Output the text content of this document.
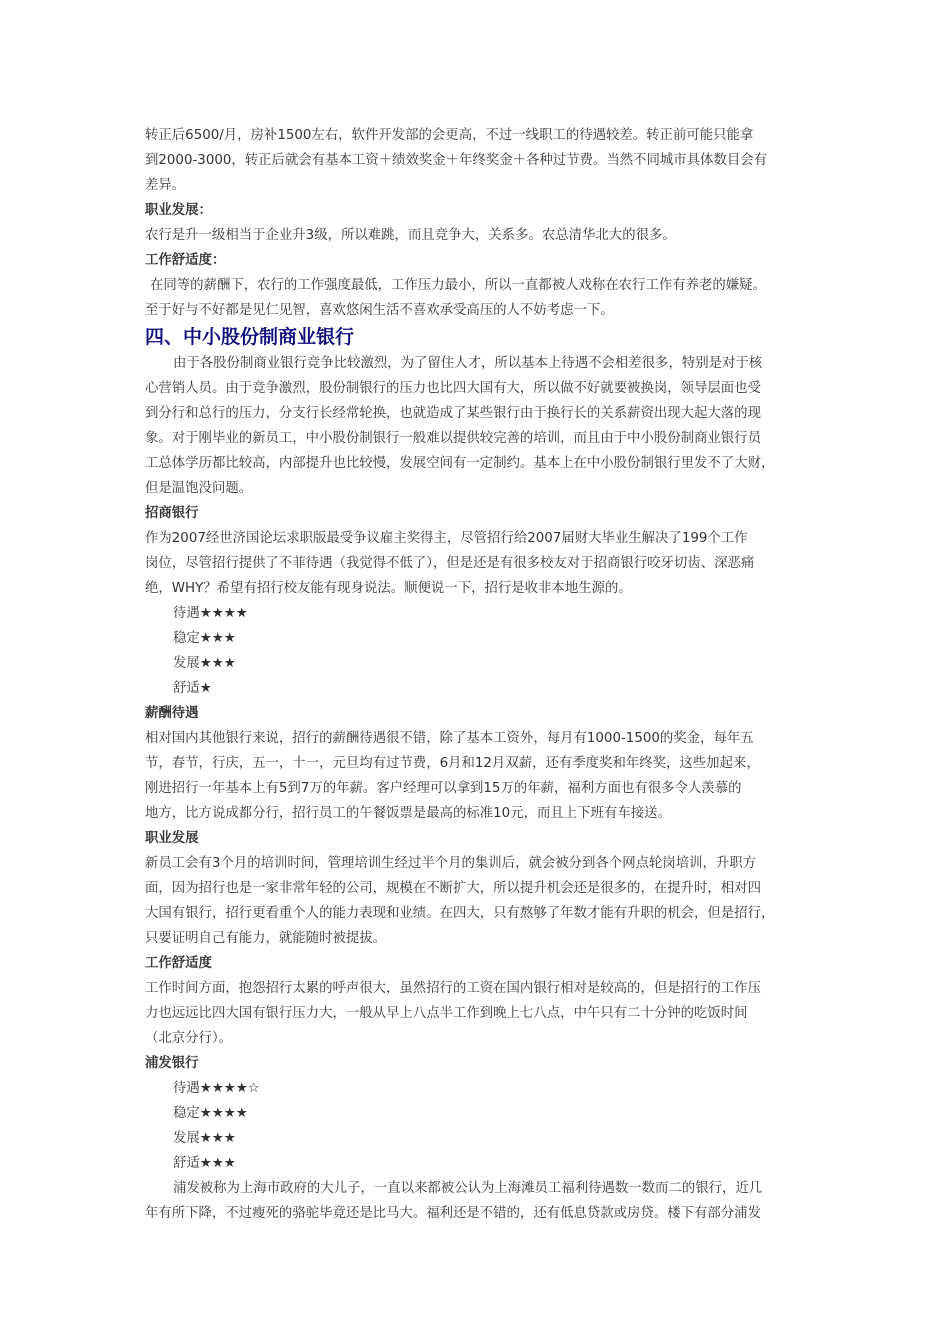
转正后6500/月，房补1500左右，软件开发部的会更高，不过一线职工的待遇较差。转正前可能只能拿
到2000-3000，转正后就会有基本工资＋绩效奖金＋年终奖金＋各种过节费。当然不同城市具体数目会有
差异。
职业发展：
农行是升一级相当于企业升3级，所以难跳，而且竞争大，关系多。农总清华北大的很多。
工作舒适度：
在同等的薪酬下，农行的工作强度最低，工作压力最小，所以一直都被人戏称在农行工作有养老的嫌疑。
至于好与不好都是见仁见智，喜欢悠闲生活不喜欢承受高压的人不妨考虑一下。
四、中小股份制商业银行
由于各股份制商业银行竞争比较激烈，为了留住人才，所以基本上待遇不会相差很多，特别是对于核
心营销人员。由于竞争激烈，股份制银行的压力也比四大国有大，所以做不好就要被换岗，领导层面也受
到分行和总行的压力，分支行长经常轮换，也就造成了某些银行由于换行长的关系薪资出现大起大落的现
象。对于刚毕业的新员工，中小股份制银行一般难以提供较完善的培训，而且由于中小股份制商业银行员
工总体学历都比较高，内部提升也比较慢，发展空间有一定制约。基本上在中小股份制银行里发不了大财，
但是温饱没问题。
招商银行
作为2007经世济国论坛求职版最受争议雇主奖得主，尽管招行给2007届财大毕业生解决了199个工作
岗位，尽管招行提供了不菲待遇（我觉得不低了），但是还是有很多校友对于招商银行咬牙切齿、深恶痛
绝，WHY？希望有招行校友能有现身说法。顺便说一下，招行是收非本地生源的。
待遇★★★★
稳定★★★
发展★★★
舒适★
薪酬待遇
相对国内其他银行来说，招行的薪酬待遇很不错，除了基本工资外，每月有1000-1500的奖金，每年五
节，春节，行庆，五一，十一，元旦均有过节费，6月和12月双薪，还有季度奖和年终奖，这些加起来，
刚进招行一年基本上有5到7万的年薪。客户经理可以拿到15万的年薪，福利方面也有很多令人羡慕的
地方，比方说成都分行，招行员工的午餐饭票是最高的标准10元，而且上下班有车接送。
职业发展
新员工会有3个月的培训时间，管理培训生经过半个月的集训后，就会被分到各个网点轮岗培训，升职方
面，因为招行也是一家非常年轻的公司，规模在不断扩大，所以提升机会还是很多的，在提升时，相对四
大国有银行，招行更看重个人的能力表现和业绩。在四大，只有熬够了年数才能有升职的机会，但是招行，
只要证明自己有能力，就能随时被提拔。
工作舒适度
工作时间方面，抱怨招行太累的呼声很大，虽然招行的工资在国内银行相对是较高的，但是招行的工作压
力也远远比四大国有银行压力大，一般从早上八点半工作到晚上七八点，中午只有二十分钟的吃饭时间
（北京分行）。
浦发银行
待遇★★★★☆
稳定★★★★
发展★★★
舒适★★★
浦发被称为上海市政府的大儿子，一直以来都被公认为上海滩员工福利待遇数一数而二的银行，近几
年有所下降，不过瘦死的骆驼毕竟还是比马大。福利还是不错的，还有低息贷款或房贷。楼下有部分浦发
